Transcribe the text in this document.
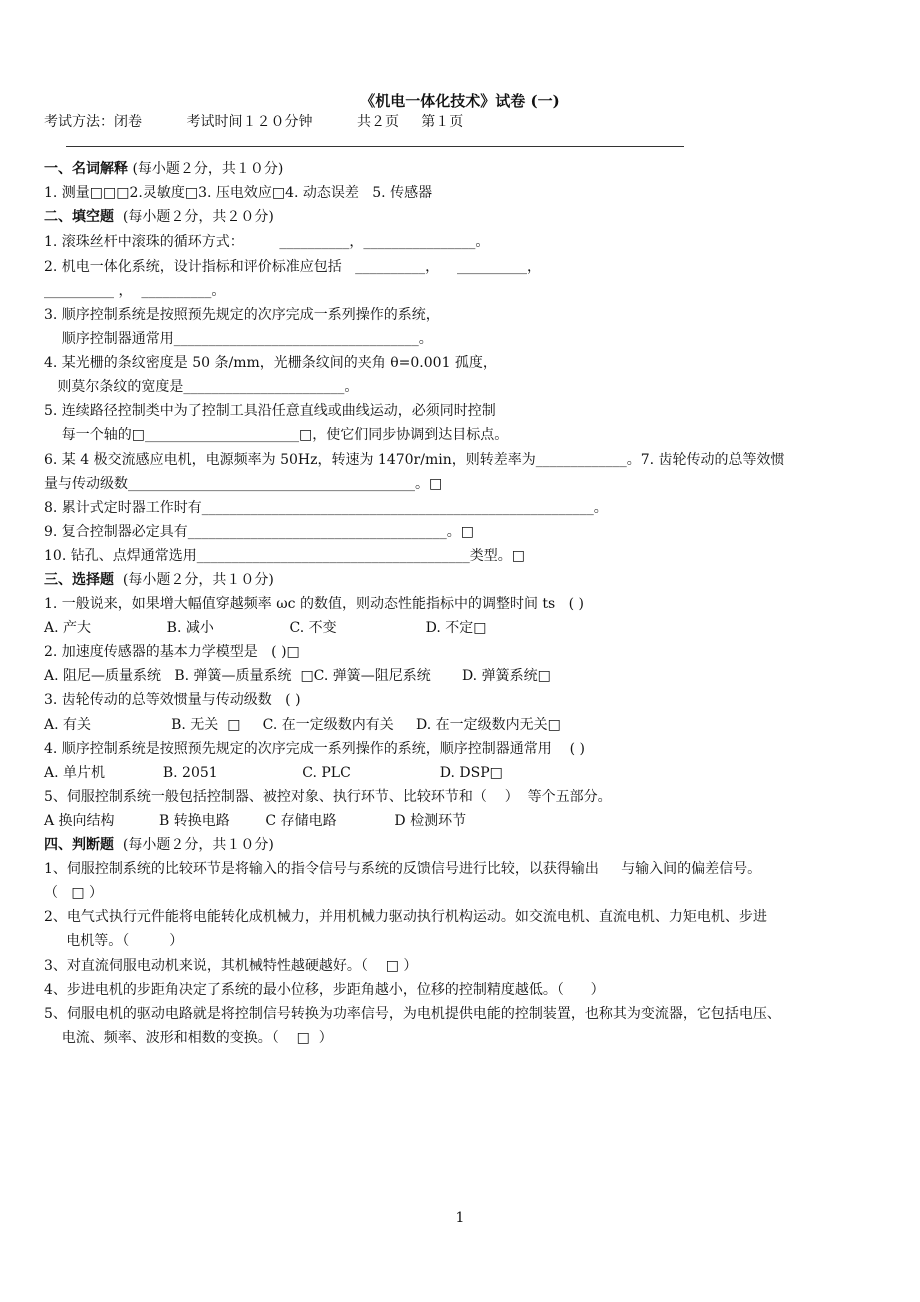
《机电一体化技术》试卷 (一)
考试方法：闭卷          考试时间１２０分钟          共２页     第１页
一、名词解释 (每小题２分，共１０分)
1. 测量□□□2.灵敏度□3. 压电效应□4. 动态误差   5. 传感器
二、填空题  (每小题２分，共２０分)
1. 滚珠丝杆中滚珠的循环方式：        __________，________________。
2. 机电一体化系统，设计指标和评价标准应包括   __________，    __________，
__________ ，  __________。
3. 顺序控制系统是按照预先规定的次序完成一系列操作的系统，
顺序控制器通常用___________________________________。
4. 某光栅的条纹密度是 50 条/mm，光栅条纹间的夹角 θ=0.001 孤度，
则莫尔条纹的宽度是_______________________。
5. 连续路径控制类中为了控制工具沿任意直线或曲线运动，必须同时控制
每一个轴的□______________________□，使它们同步协调到达目标点。
6. 某 4 极交流感应电机，电源频率为 50Hz，转速为 1470r/min，则转差率为_____________。7. 齿轮传动的总等效惯
量与传动级数_________________________________________。□
8. 累计式定时器工作时有________________________________________________________。
9. 复合控制器必定具有_____________________________________。□
10. 钻孔、点焊通常选用_______________________________________类型。□
三、选择题  (每小题２分，共１０分)
1. 一般说来，如果增大幅值穿越频率 ωc 的数值，则动态性能指标中的调整时间 ts   ( )
A. 产大                 B. 减小                 C. 不变                    D. 不定□
2. 加速度传感器的基本力学模型是   ( )□
A. 阻尼—质量系统   B. 弹簧—质量系统  □C. 弹簧—阻尼系统       D. 弹簧系统□
3. 齿轮传动的总等效惯量与传动级数   ( )
A. 有关                  B. 无关  □     C. 在一定级数内有关     D. 在一定级数内无关□
4. 顺序控制系统是按照预先规定的次序完成一系列操作的系统，顺序控制器通常用    ( )
A. 单片机             B. 2051                   C. PLC                    D. DSP□
5、伺服控制系统一般包括控制器、被控对象、执行环节、比较环节和（    ）  等个五部分。
A 换向结构          B 转换电路        C 存储电路             D 检测环节
四、判断题  (每小题２分，共１０分)
1、伺服控制系统的比较环节是将输入的指令信号与系统的反馈信号进行比较，以获得输出     与输入间的偏差信号。
（   □ ）
2、电气式执行元件能将电能转化成机械力，并用机械力驱动执行机构运动。如交流电机、直流电机、力矩电机、步进
电机等。（         ）
3、对直流伺服电动机来说，其机械特性越硬越好。（    □ ）
4、步进电机的步距角决定了系统的最小位移，步距角越小，位移的控制精度越低。（      ）
5、伺服电机的驱动电路就是将控制信号转换为功率信号，为电机提供电能的控制装置，也称其为变流器，它包括电压、
电流、频率、波形和相数的变换。（    □  ）
1
